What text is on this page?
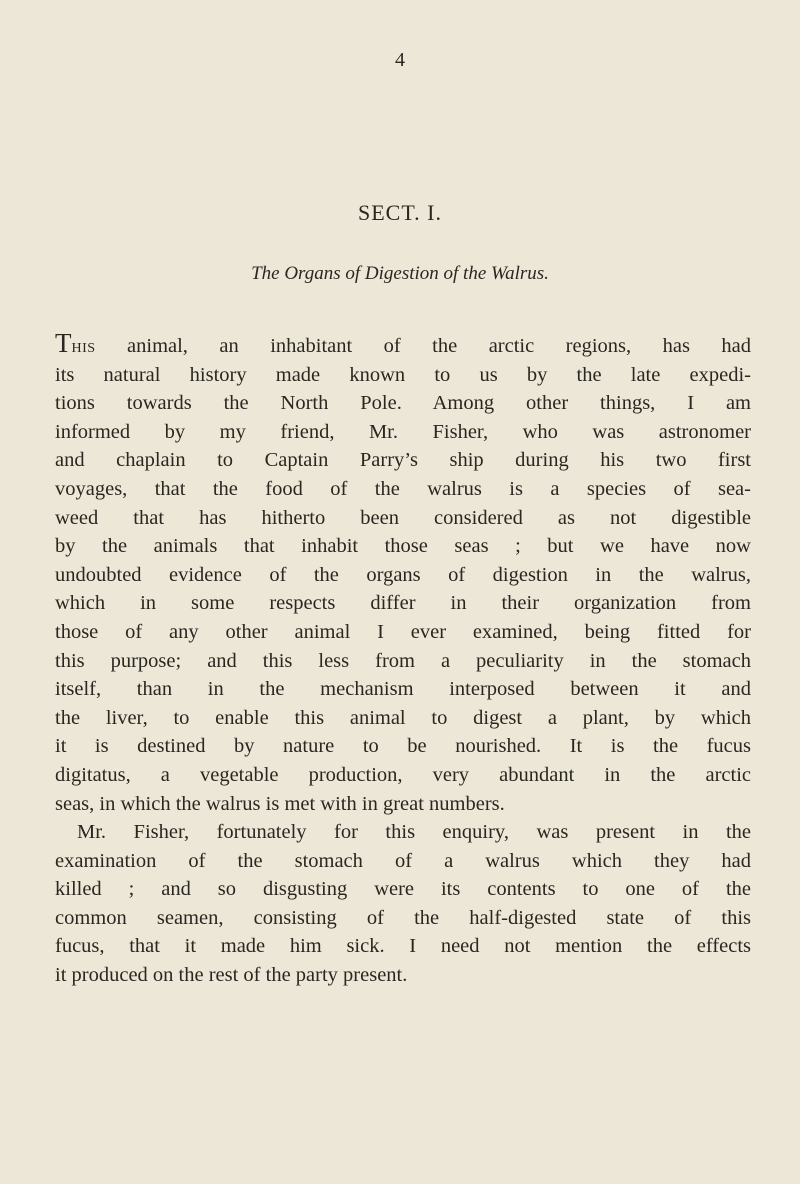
4
SECT. I.
The Organs of Digestion of the Walrus.
This animal, an inhabitant of the arctic regions, has had
its natural history made known to us by the late expedi-
tions towards the North Pole. Among other things, I am
informed by my friend, Mr. Fisher, who was astronomer
and chaplain to Captain Parry’s ship during his two first
voyages, that the food of the walrus is a species of sea-
weed that has hitherto been considered as not digestible
by the animals that inhabit those seas ; but we have now
undoubted evidence of the organs of digestion in the walrus,
which in some respects differ in their organization from
those of any other animal I ever examined, being fitted for
this purpose; and this less from a peculiarity in the stomach
itself, than in the mechanism interposed between it and
the liver, to enable this animal to digest a plant, by which
it is destined by nature to be nourished. It is the fucus
digitatus, a vegetable production, very abundant in the arctic
seas, in which the walrus is met with in great numbers.
Mr. Fisher, fortunately for this enquiry, was present in the
examination of the stomach of a walrus which they had
killed ; and so disgusting were its contents to one of the
common seamen, consisting of the half-digested state of this
fucus, that it made him sick. I need not mention the effects
it produced on the rest of the party present.
